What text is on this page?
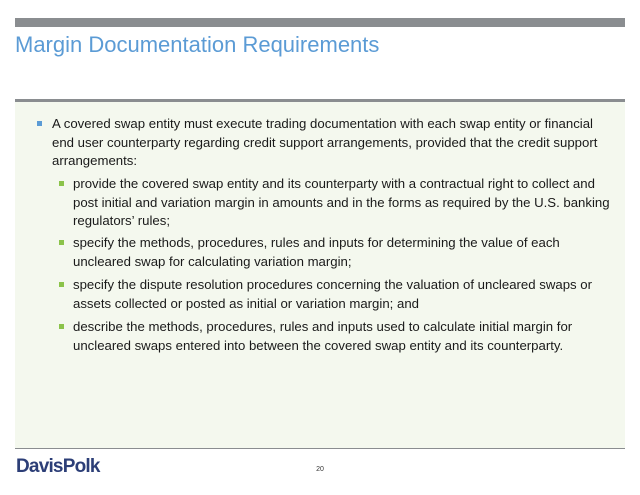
Margin Documentation Requirements
A covered swap entity must execute trading documentation with each swap entity or financial end user counterparty regarding credit support arrangements, provided that the credit support arrangements:
provide the covered swap entity and its counterparty with a contractual right to collect and post initial and variation margin in amounts and in the forms as required by the U.S. banking regulators’ rules;
specify the methods, procedures, rules and inputs for determining the value of each uncleared swap for calculating variation margin;
specify the dispute resolution procedures concerning the valuation of uncleared swaps or assets collected or posted as initial or variation margin; and
describe the methods, procedures, rules and inputs used to calculate initial margin for uncleared swaps entered into between the covered swap entity and its counterparty.
DavisPolk	20
